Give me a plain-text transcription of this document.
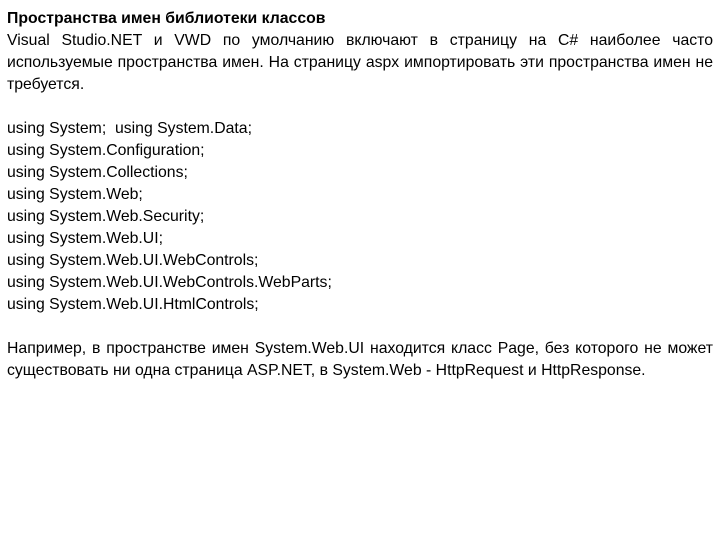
Пространства имен библиотеки классов

Visual Studio.NET и VWD по умолчанию включают в страницу на C# наиболее часто используемые пространства имен. На страницу aspx импортировать эти пространства имен не требуется.

using System;  using System.Data;

using System.Configuration;

using System.Collections;

using System.Web;

using System.Web.Security;

using System.Web.UI;

using System.Web.UI.WebControls;

using System.Web.UI.WebControls.WebParts;

using System.Web.UI.HtmlControls;

Например, в пространстве имен System.Web.UI находится класс Page, без которого не может существовать ни одна страница ASP.NET, в System.Web - HttpRequest и HttpResponse.
